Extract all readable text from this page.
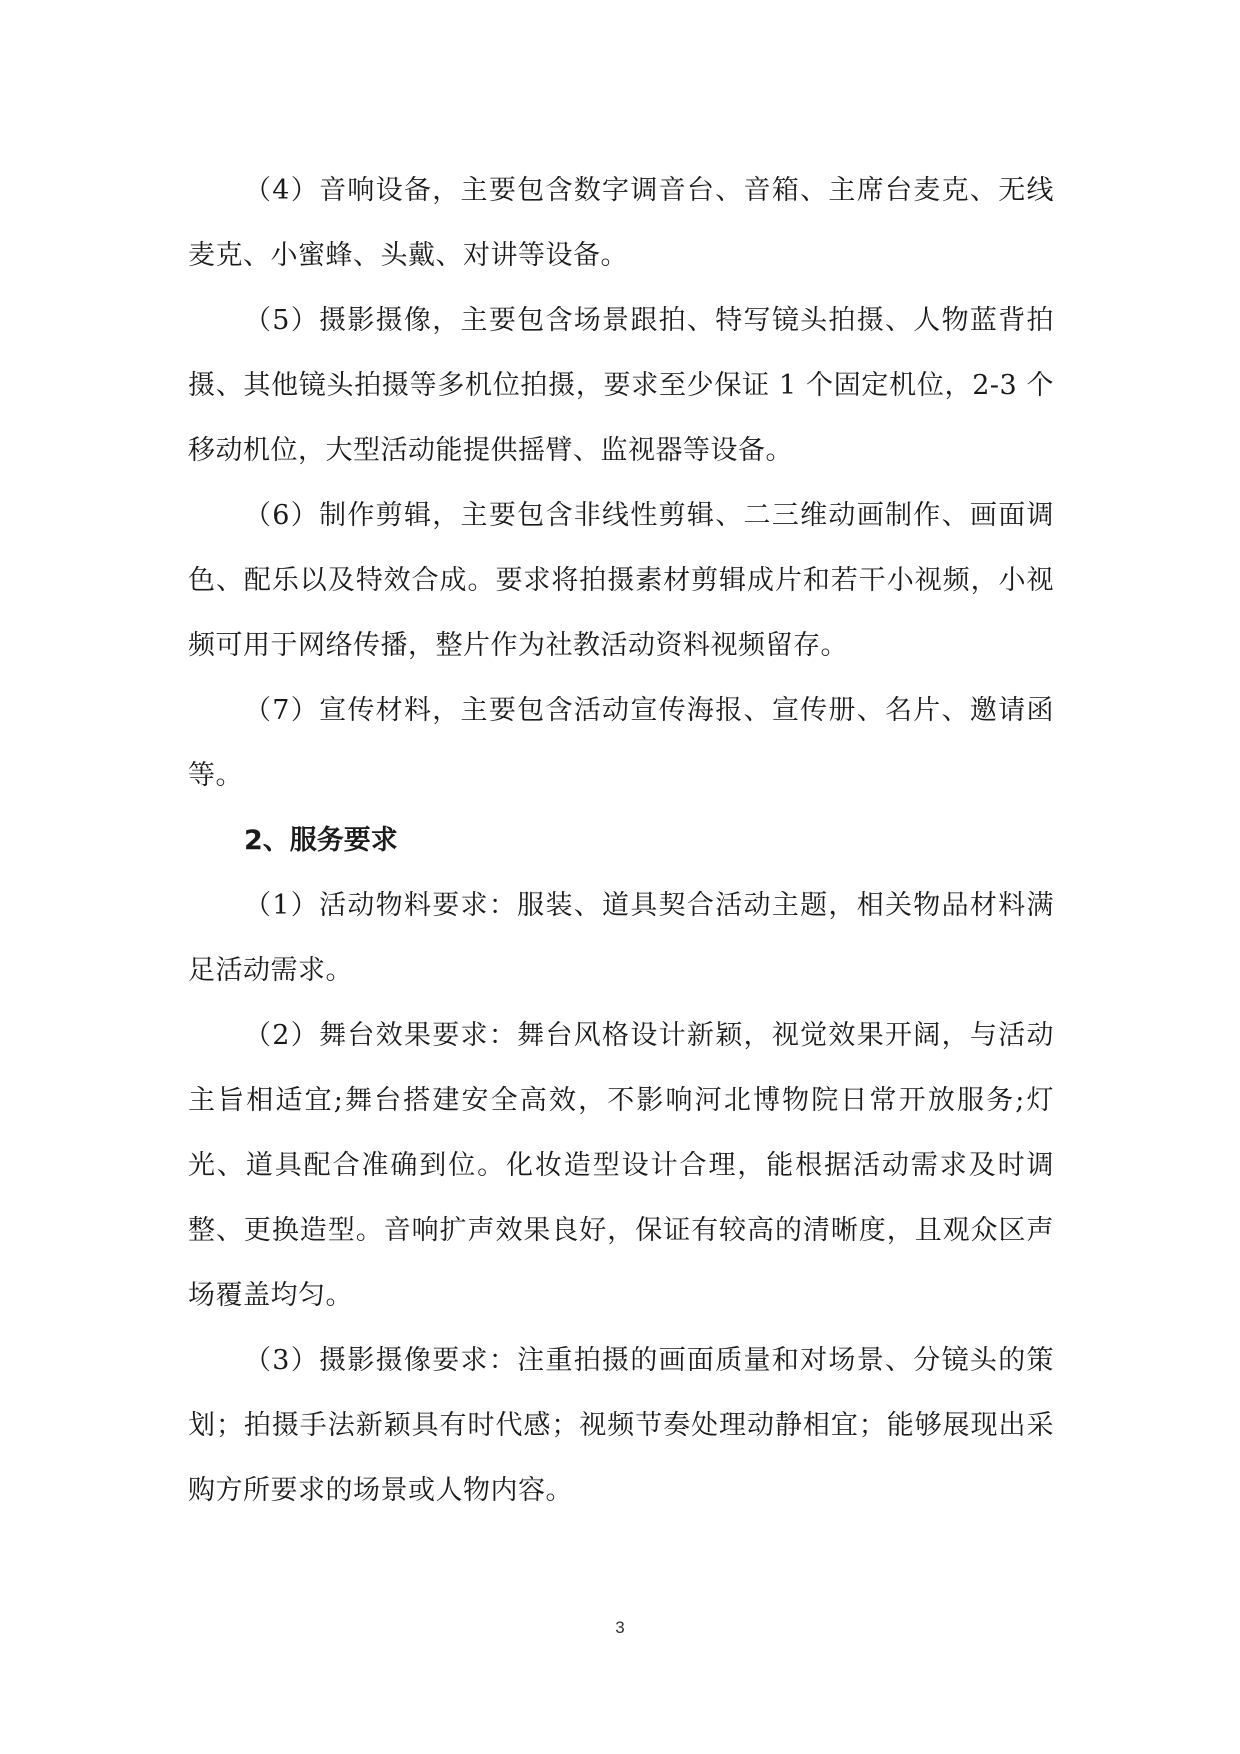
（4）音响设备，主要包含数字调音台、音箱、主席台麦克、无线麦克、小蜜蜂、头戴、对讲等设备。

（5）摄影摄像，主要包含场景跟拍、特写镜头拍摄、人物蓝背拍摄、其他镜头拍摄等多机位拍摄，要求至少保证 1 个固定机位，2-3 个移动机位，大型活动能提供摇臂、监视器等设备。

（6）制作剪辑，主要包含非线性剪辑、二三维动画制作、画面调色、配乐以及特效合成。要求将拍摄素材剪辑成片和若干小视频，小视频可用于网络传播，整片作为社教活动资料视频留存。

（7）宣传材料，主要包含活动宣传海报、宣传册、名片、邀请函等。

2、服务要求

（1）活动物料要求：服装、道具契合活动主题，相关物品材料满足活动需求。

（2）舞台效果要求：舞台风格设计新颖，视觉效果开阔，与活动主旨相适宜;舞台搭建安全高效，不影响河北博物院日常开放服务;灯光、道具配合准确到位。化妆造型设计合理，能根据活动需求及时调整、更换造型。音响扩声效果良好，保证有较高的清晰度，且观众区声场覆盖均匀。

（3）摄影摄像要求：注重拍摄的画面质量和对场景、分镜头的策划；拍摄手法新颖具有时代感；视频节奏处理动静相宜；能够展现出采购方所要求的场景或人物内容。

3
